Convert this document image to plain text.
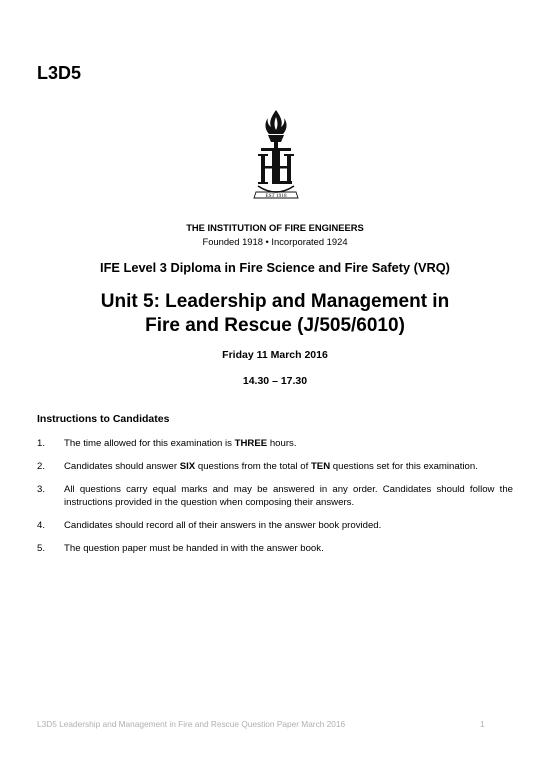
L3D5
EST 1918
THE INSTITUTION OF FIRE ENGINEERS
Founded 1918 • Incorporated 1924
IFE Level 3 Diploma in Fire Science and Fire Safety (VRQ)
Unit 5: Leadership and Management in
Fire and Rescue (J/505/6010)
Friday 11 March 2016
14.30 – 17.30
Instructions to Candidates
1. The time allowed for this examination is THREE hours.
2. Candidates should answer SIX questions from the total of TEN questions set for this examination.
3. All questions carry equal marks and may be answered in any order. Candidates should follow the instructions provided in the question when composing their answers.
4. Candidates should record all of their answers in the answer book provided.
5. The question paper must be handed in with the answer book.
L3D5 Leadership and Management in Fire and Rescue Question Paper March 2016	1
